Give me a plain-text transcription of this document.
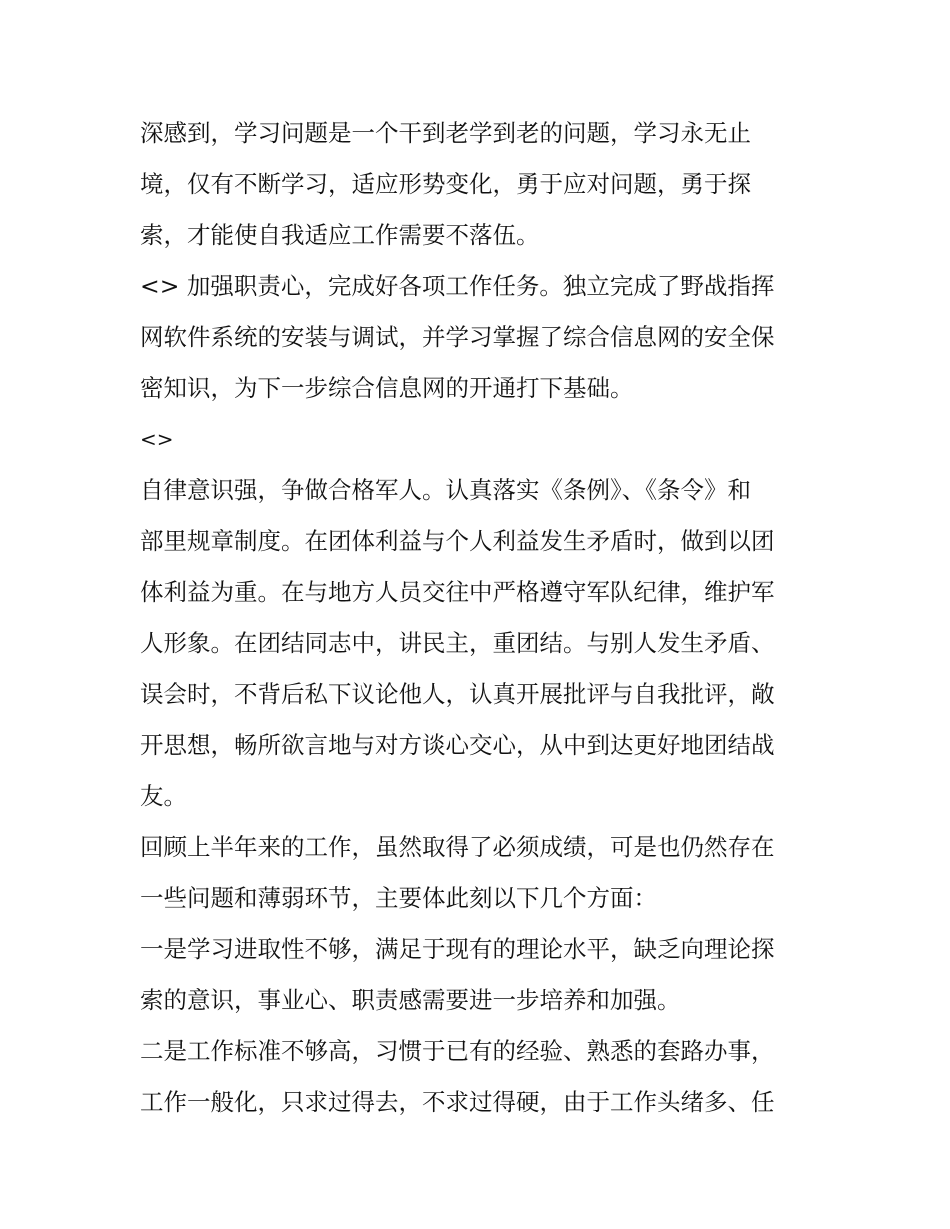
深感到，学习问题是一个干到老学到老的问题，学习永无止
境，仅有不断学习，适应形势变化，勇于应对问题，勇于探
索，才能使自我适应工作需要不落伍。
<> 加强职责心，完成好各项工作任务。独立完成了野战指挥
网软件系统的安装与调试，并学习掌握了综合信息网的安全保
密知识，为下一步综合信息网的开通打下基础。
<>
自律意识强，争做合格军人。认真落实《条例》、《条令》和
部里规章制度。在团体利益与个人利益发生矛盾时，做到以团
体利益为重。在与地方人员交往中严格遵守军队纪律，维护军
人形象。在团结同志中，讲民主，重团结。与别人发生矛盾、
误会时，不背后私下议论他人，认真开展批评与自我批评，敞
开思想，畅所欲言地与对方谈心交心，从中到达更好地团结战
友。
回顾上半年来的工作，虽然取得了必须成绩，可是也仍然存在
一些问题和薄弱环节，主要体此刻以下几个方面：
一是学习进取性不够，满足于现有的理论水平，缺乏向理论探
索的意识，事业心、职责感需要进一步培养和加强。
二是工作标准不够高，习惯于已有的经验、熟悉的套路办事，
工作一般化，只求过得去，不求过得硬，由于工作头绪多、任
